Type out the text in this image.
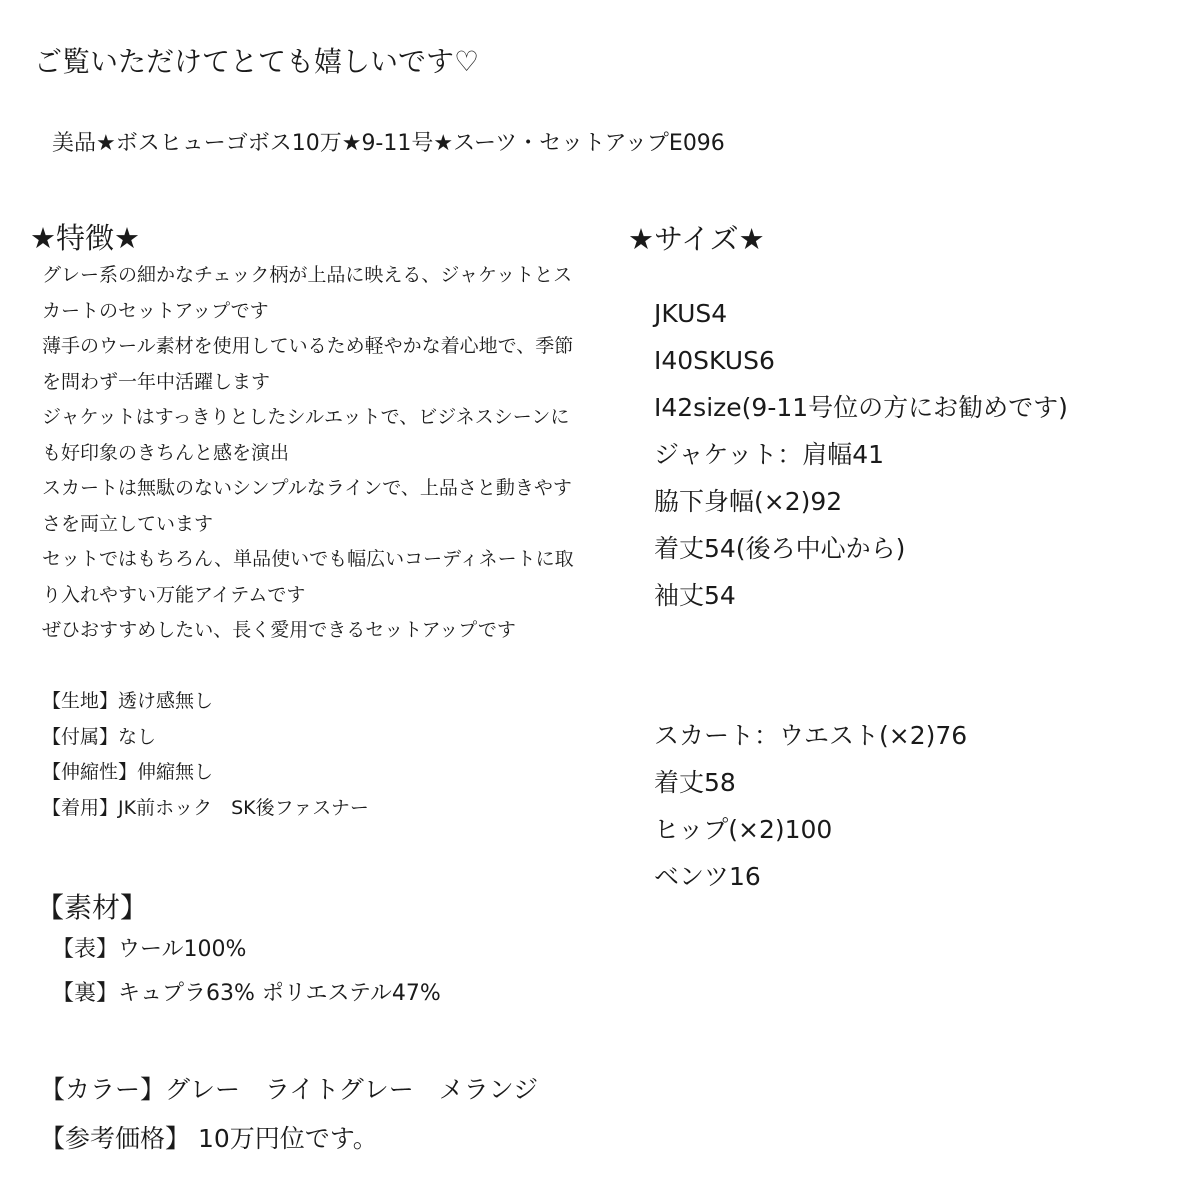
ご覧いただけてとても嬉しいです♡
美品★ボスヒューゴボス10万★9-11号★スーツ・セットアップE096
★特徴★
グレー系の細かなチェック柄が上品に映える、ジャケットとス
カートのセットアップです
薄手のウール素材を使用しているため軽やかな着心地で、季節
を問わず一年中活躍します
ジャケットはすっきりとしたシルエットで、ビジネスシーンに
も好印象のきちんと感を演出
スカートは無駄のないシンプルなラインで、上品さと動きやす
さを両立しています
セットではもちろん、単品使いでも幅広いコーディネートに取
り入れやすい万能アイテムです
ぜひおすすめしたい、長く愛用できるセットアップです
【生地】透け感無し
【付属】なし
【伸縮性】伸縮無し
【着用】JK前ホック　SK後ファスナー
【素材】
【表】ウール100%
【裏】キュプラ63% ポリエステル47%
【カラー】グレー　ライトグレー　メランジ
【参考価格】 10万円位です。
★サイズ★
JKUS4
I40SKUS6
I42size(9-11号位の方にお勧めです)
ジャケット：肩幅41
脇下身幅(×2)92
着丈54(後ろ中心から)
袖丈54
スカート：ウエスト(×2)76
着丈58
ヒップ(×2)100
ベンツ16
